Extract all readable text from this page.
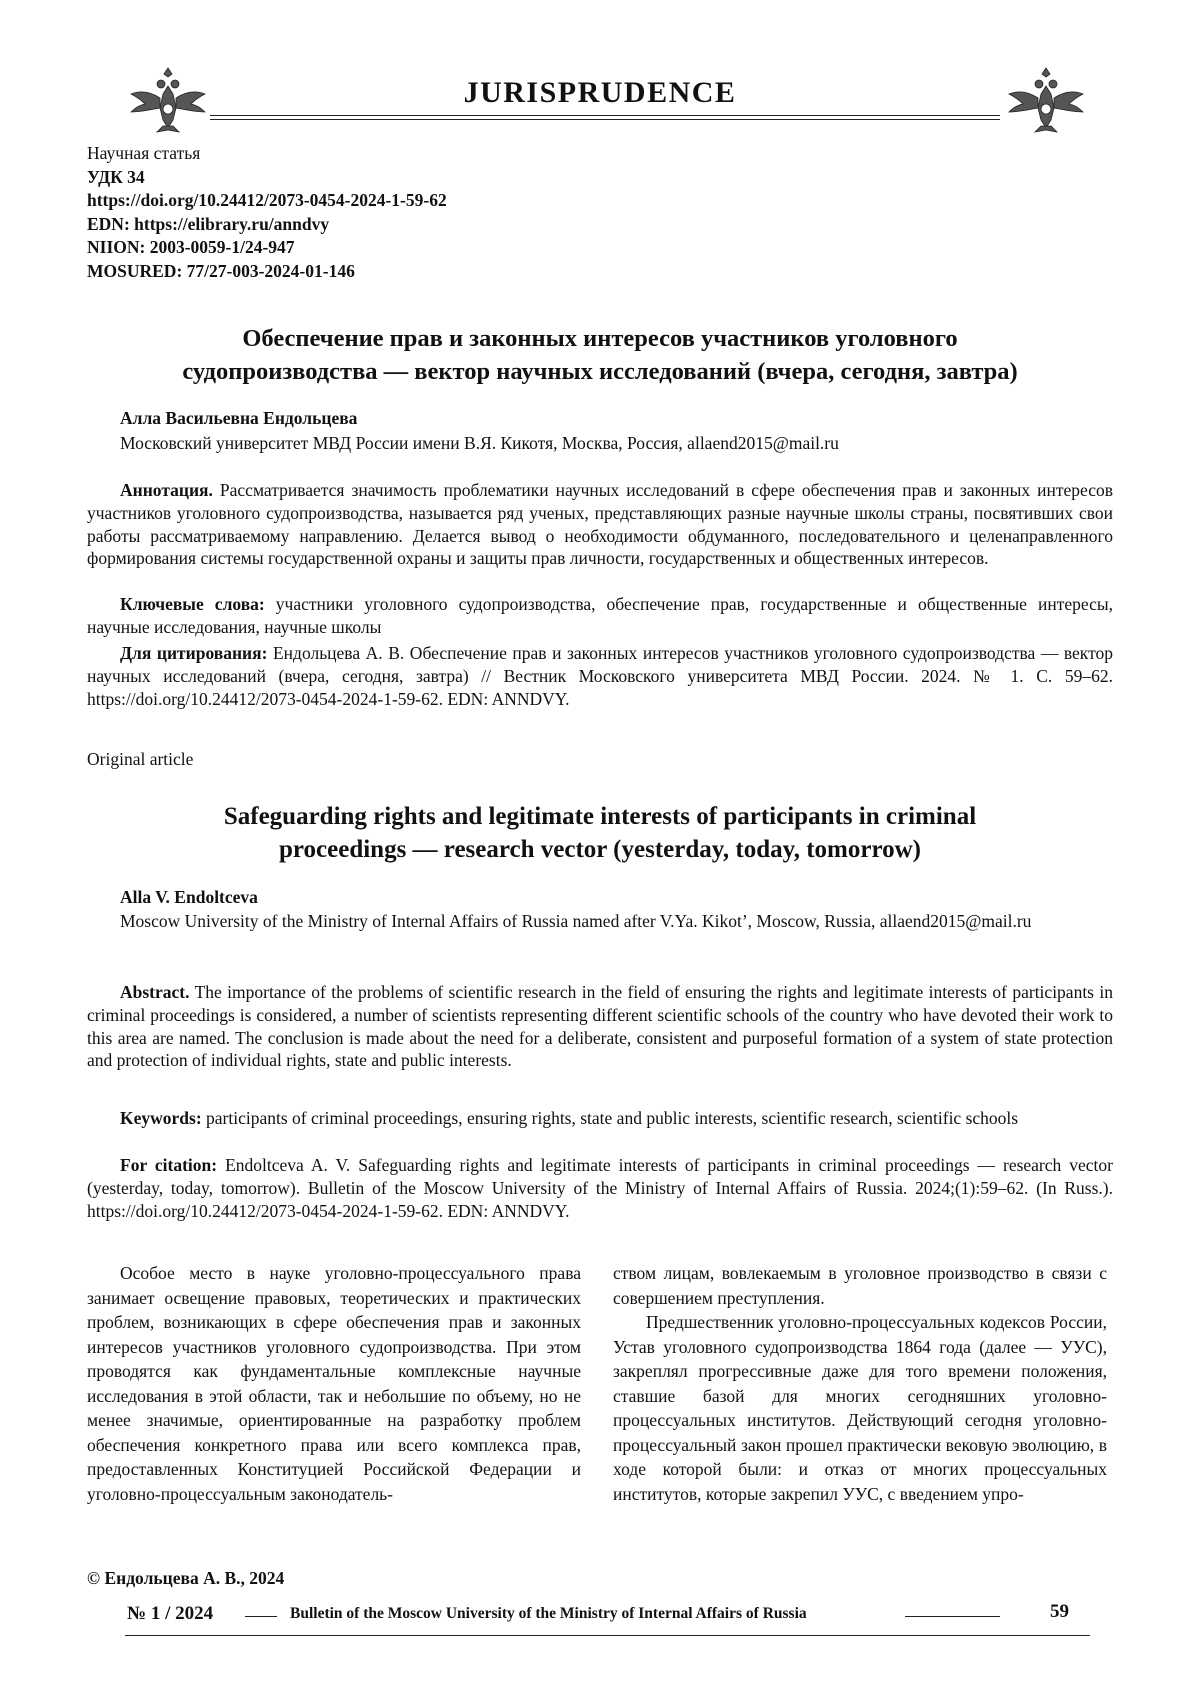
JURISPRUDENCE
Научная статья
УДК 34
https://doi.org/10.24412/2073-0454-2024-1-59-62
EDN: https://elibrary.ru/anndvy
NIION: 2003-0059-1/24-947
MOSURED: 77/27-003-2024-01-146
Обеспечение прав и законных интересов участников уголовного
судопроизводства — вектор научных исследований (вчера, сегодня, завтра)
Алла Васильевна Ендольцева
Московский университет МВД России имени В.Я. Кикотя, Москва, Россия, allaend2015@mail.ru
Аннотация. Рассматривается значимость проблематики научных исследований в сфере обеспечения прав и законных интересов участников уголовного судопроизводства, называется ряд ученых, представляющих разные научные школы страны, посвятивших свои работы рассматриваемому направлению. Делается вывод о необходимости обдуманного, последовательного и целенаправленного формирования системы государственной охраны и защиты прав личности, государственных и общественных интересов.
Ключевые слова: участники уголовного судопроизводства, обеспечение прав, государственные и общественные интересы, научные исследования, научные школы
Для цитирования: Ендольцева А. В. Обеспечение прав и законных интересов участников уголовного судопроизводства — вектор научных исследований (вчера, сегодня, завтра) // Вестник Московского университета МВД России. 2024. № 1. С. 59–62. https://doi.org/10.24412/2073-0454-2024-1-59-62. EDN: ANNDVY.
Original article
Safeguarding rights and legitimate interests of participants in criminal
proceedings — research vector (yesterday, today, tomorrow)
Alla V. Endoltceva
Moscow University of the Ministry of Internal Affairs of Russia named after V.Ya. Kikot’, Moscow, Russia, allaend2015@mail.ru
Abstract. The importance of the problems of scientific research in the field of ensuring the rights and legitimate interests of participants in criminal proceedings is considered, a number of scientists representing different scientific schools of the country who have devoted their work to this area are named. The conclusion is made about the need for a deliberate, consistent and purposeful formation of a system of state protection and protection of individual rights, state and public interests.
Keywords: participants of criminal proceedings, ensuring rights, state and public interests, scientific research, scientific schools
For citation: Endoltceva A. V. Safeguarding rights and legitimate interests of participants in criminal proceedings — research vector (yesterday, today, tomorrow). Bulletin of the Moscow University of the Ministry of Internal Affairs of Russia. 2024;(1):59–62. (In Russ.). https://doi.org/10.24412/2073-0454-2024-1-59-62. EDN: ANNDVY.

Особое место в науке уголовно-процессуального права занимает освещение правовых, теоретических и практических проблем, возникающих в сфере обеспечения прав и законных интересов участников уголовного судопроизводства. При этом проводятся как фундаментальные комплексные научные исследования в этой области, так и небольшие по объему, но не менее значимые, ориентированные на разработку проблем обеспечения конкретного права или всего комплекса прав, предоставленных Конституцией Российской Федерации и уголовно-процессуальным законодатель-

ством лицам, вовлекаемым в уголовное производство в связи с совершением преступления.

Предшественник уголовно-процессуальных кодексов России, Устав уголовного судопроизводства 1864 года (далее — УУС), закреплял прогрессивные даже для того времени положения, ставшие базой для многих сегодняшних уголовно-процессуальных институтов. Действующий сегодня уголовно-процессуальный закон прошел практически вековую эволюцию, в ходе которой были: и отказ от многих процессуальных институтов, которые закрепил УУС, с введением упро-

© Ендольцева А. В., 2024
№ 1 / 2024	Bulletin of the Moscow University of the Ministry of Internal Affairs of Russia	59
